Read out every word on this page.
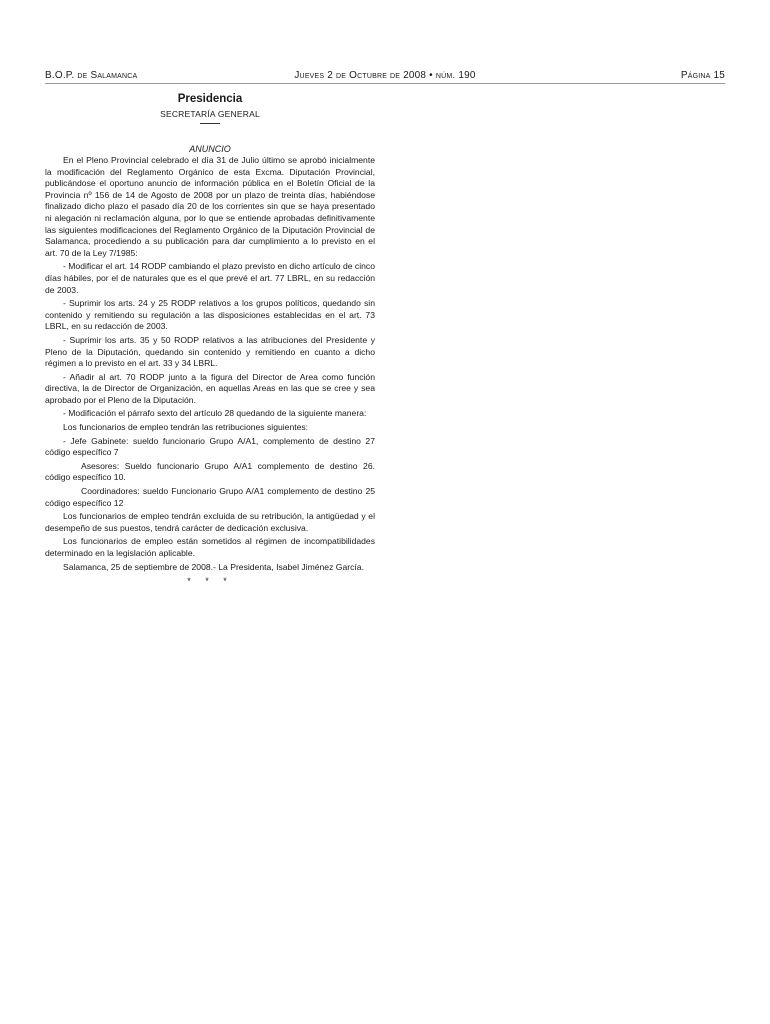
B.O.P. de Salamanca	Jueves 2 de Octubre de 2008 • núm. 190	Página 15
Presidencia
SECRETARÍA GENERAL
ANUNCIO

En el Pleno Provincial celebrado el día 31 de Julio último se aprobó inicialmente la modificación del Reglamento Orgánico de esta Excma. Diputación Provincial, publicándose el oportuno anuncio de información pública en el Boletín Oficial de la Provincia nº 156 de 14 de Agosto de 2008 por un plazo de treinta días, habiéndose finalizado dicho plazo el pasado día 20 de los corrientes sin que se haya presentado ni alegación ni reclamación alguna, por lo que se entiende aprobadas definitivamente las siguientes modificaciones del Reglamento Orgánico de la Diputación Provincial de Salamanca, procediendo a su publicación para dar cumplimiento a lo previsto en el art. 70 de la Ley 7/1985:

- Modificar el art. 14 RODP cambiando el plazo previsto en dicho artículo de cinco días hábiles, por el de naturales que es el que prevé el art. 77 LBRL, en su redacción de 2003.

- Suprimir los arts. 24 y 25 RODP relativos a los grupos políticos, quedando sin contenido y remitiendo su regulación a las disposiciones establecidas en el art. 73 LBRL, en su redacción de 2003.

- Suprimir los arts. 35 y 50 RODP relativos a las atribuciones del Presidente y Pleno de la Diputación, quedando sin contenido y remitiendo en cuanto a dicho régimen a lo previsto en el art. 33 y 34 LBRL.

- Añadir al art. 70 RODP junto a la figura del Director de Area como función directiva, la de Director de Organización, en aquellas Areas en las que se cree y sea aprobado por el Pleno de la Diputación.

- Modificación el párrafo sexto del artículo 28 quedando de la siguiente manera:

Los funcionarios de empleo tendrán las retribuciones siguientes:

- Jefe Gabinete: sueldo funcionario Grupo A/A1, complemento de destino 27 código específico 7

Asesores: Sueldo funcionario Grupo A/A1 complemento de destino 26. código específico 10.

Coordinadores: sueldo Funcionario Grupo A/A1 complemento de destino 25 código específico 12

Los funcionarios de empleo tendrán excluida de su retribución, la antigüedad y el desempeño de sus puestos, tendrá carácter de dedicación exclusiva.

Los funcionarios de empleo están sometidos al régimen de incompatibilidades determinado en la legislación aplicable.

Salamanca, 25 de septiembre de 2008.- La Presidenta, Isabel Jiménez García.

* * *
